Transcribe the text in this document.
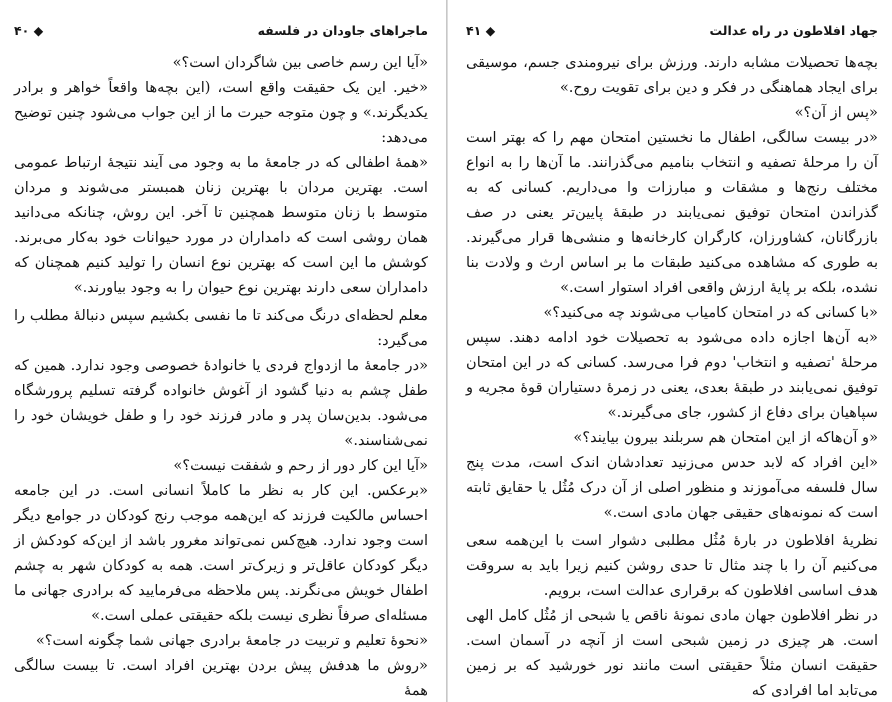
ماجراهای جاودان در فلسفه
۴۰ ◆

«آیا این رسم خاصی بین شاگردان است؟»

«خیر. این یک حقیقت واقع است، (این بچه‌ها واقعاً خواهر و برادر یکدیگرند.» و چون متوجه حیرت ما از این جواب می‌شود چنین توضیح می‌دهد:

«همهٔ اطفالی که در جامعهٔ ما به وجود می آیند نتیجهٔ ارتباط عمومی است. بهترین مردان با بهترین زنان همبستر می‌شوند و مردان متوسط با زنان متوسط همچنین تا آخر. این روش، چنانکه می‌دانید همان روشی است که دامداران در مورد حیوانات خود به‌کار می‌برند. کوشش ما این است که بهترین نوع انسان را تولید کنیم همچنان که دامداران سعی دارند بهترین نوع حیوان را به وجود بیاورند.»

معلم لحظه‌ای درنگ می‌کند تا ما نفسی بکشیم سپس دنبالهٔ مطلب را می‌گیرد:

«در جامعهٔ ما ازدواج فردی یا خانوادهٔ خصوصی وجود ندارد. همین که طفل چشم به دنیا گشود از آغوش خانواده گرفته تسلیم پرورشگاه می‌شود. بدین‌سان پدر و مادر فرزند خود را و طفل خویشان خود را نمی‌شناسند.»

«آیا این کار دور از رحم و شفقت نیست؟»

«برعکس. این کار به نظر ما کاملاً انسانی است. در این جامعه احساس مالکیت فرزند که این‌همه موجب رنج کودکان در جوامع دیگر است وجود ندارد. هیچ‌کس نمی‌تواند مغرور باشد از این‌که کودکش از دیگر کودکان عاقل‌تر و زیرک‌تر است. همه به کودکان شهر به چشم اطفال خویش می‌نگرند. پس ملاحظه می‌فرمایید که برادری جهانی ما مسئله‌ای صرفاً نظری نیست بلکه حقیقتی عملی است.»

«نحوهٔ تعلیم و تربیت در جامعهٔ برادری جهانی شما چگونه است؟»

«روش ما هدفش پیش بردن بهترین افراد است. تا بیست سالگی همهٔ

جهاد افلاطون در راه عدالت
۴۱ ◆

بچه‌ها تحصیلات مشابه دارند. ورزش برای نیرومندی جسم، موسیقی برای ایجاد هماهنگی در فکر و دین برای تقویت روح.»

«پس از آن؟»

«در بیست سالگی، اطفال ما نخستین امتحان مهم را که بهتر است آن را مرحلهٔ تصفیه و انتخاب بنامیم می‌گذرانند. ما آن‌ها را به انواع مختلف رنج‌ها و مشقات و مبارزات وا می‌داریم. کسانی که به گذراندن امتحان توفیق نمی‌یابند در طبقهٔ پایین‌تر یعنی در صف بازرگانان، کشاورزان، کارگران کارخانه‌ها و منشی‌ها قرار می‌گیرند. به طوری که مشاهده می‌کنید طبقات ما بر اساس ارث و ولادت بنا نشده، بلکه بر پایهٔ ارزش واقعی افراد استوار است.»

«با کسانی که در امتحان کامیاب می‌شوند چه می‌کنید؟»

«به آن‌ها اجازه داده می‌شود به تحصیلات خود ادامه دهند. سپس مرحلهٔ 'تصفیه و انتخاب' دوم فرا می‌رسد. کسانی که در این امتحان توفیق نمی‌یابند در طبقهٔ بعدی، یعنی در زمرهٔ دستیاران قوهٔ مجریه و سپاهیان برای دفاع از کشور، جای می‌گیرند.»

«و آن‌هاکه از این امتحان هم سربلند بیرون بیایند؟»

«این افراد که لابد حدس می‌زنید تعدادشان اندک است، مدت پنج سال فلسفه می‌آموزند و منظور اصلی از آن درک مُثُل یا حقایق ثابته است که نمونه‌های حقیقی جهان مادی است.»

نظریهٔ افلاطون در بارهٔ مُثُل مطلبی دشوار است با این‌همه سعی می‌کنیم آن را با چند مثال تا حدی روشن کنیم زیرا باید به سروقت هدف اساسی افلاطون که برقراری عدالت است، برویم.

در نظر افلاطون جهان مادی نمونهٔ ناقص یا شبحی از مُثُل کامل الهی است. هر چیزی در زمین شبحی است از آنچه در آسمان است. حقیقت انسان مثلاً حقیقتی است مانند نور خورشید که بر زمین می‌تابد اما افرادی که
